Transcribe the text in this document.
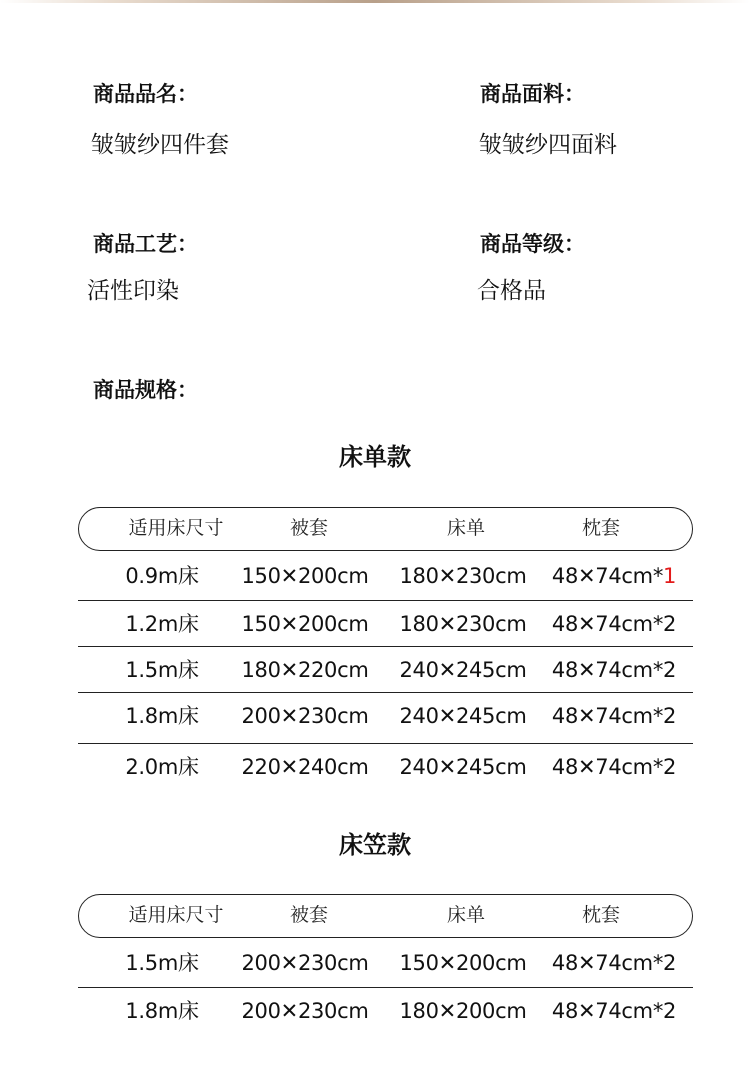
商品品名：
皱皱纱四件套
商品面料：
皱皱纱四面料
商品工艺：
活性印染
商品等级：
合格品
商品规格：
床单款
适用床尺寸	被套	床单	枕套
0.9m床 150✕200cm 180✕230cm 48✕74cm*1
1.2m床 150✕200cm 180✕230cm 48✕74cm*2
1.5m床 180✕220cm 240✕245cm 48✕74cm*2
1.8m床 200✕230cm 240✕245cm 48✕74cm*2
2.0m床 220✕240cm 240✕245cm 48✕74cm*2
床笠款
适用床尺寸	被套	床单	枕套
1.5m床 200✕230cm 150✕200cm 48✕74cm*2
1.8m床 200✕230cm 180✕200cm 48✕74cm*2
